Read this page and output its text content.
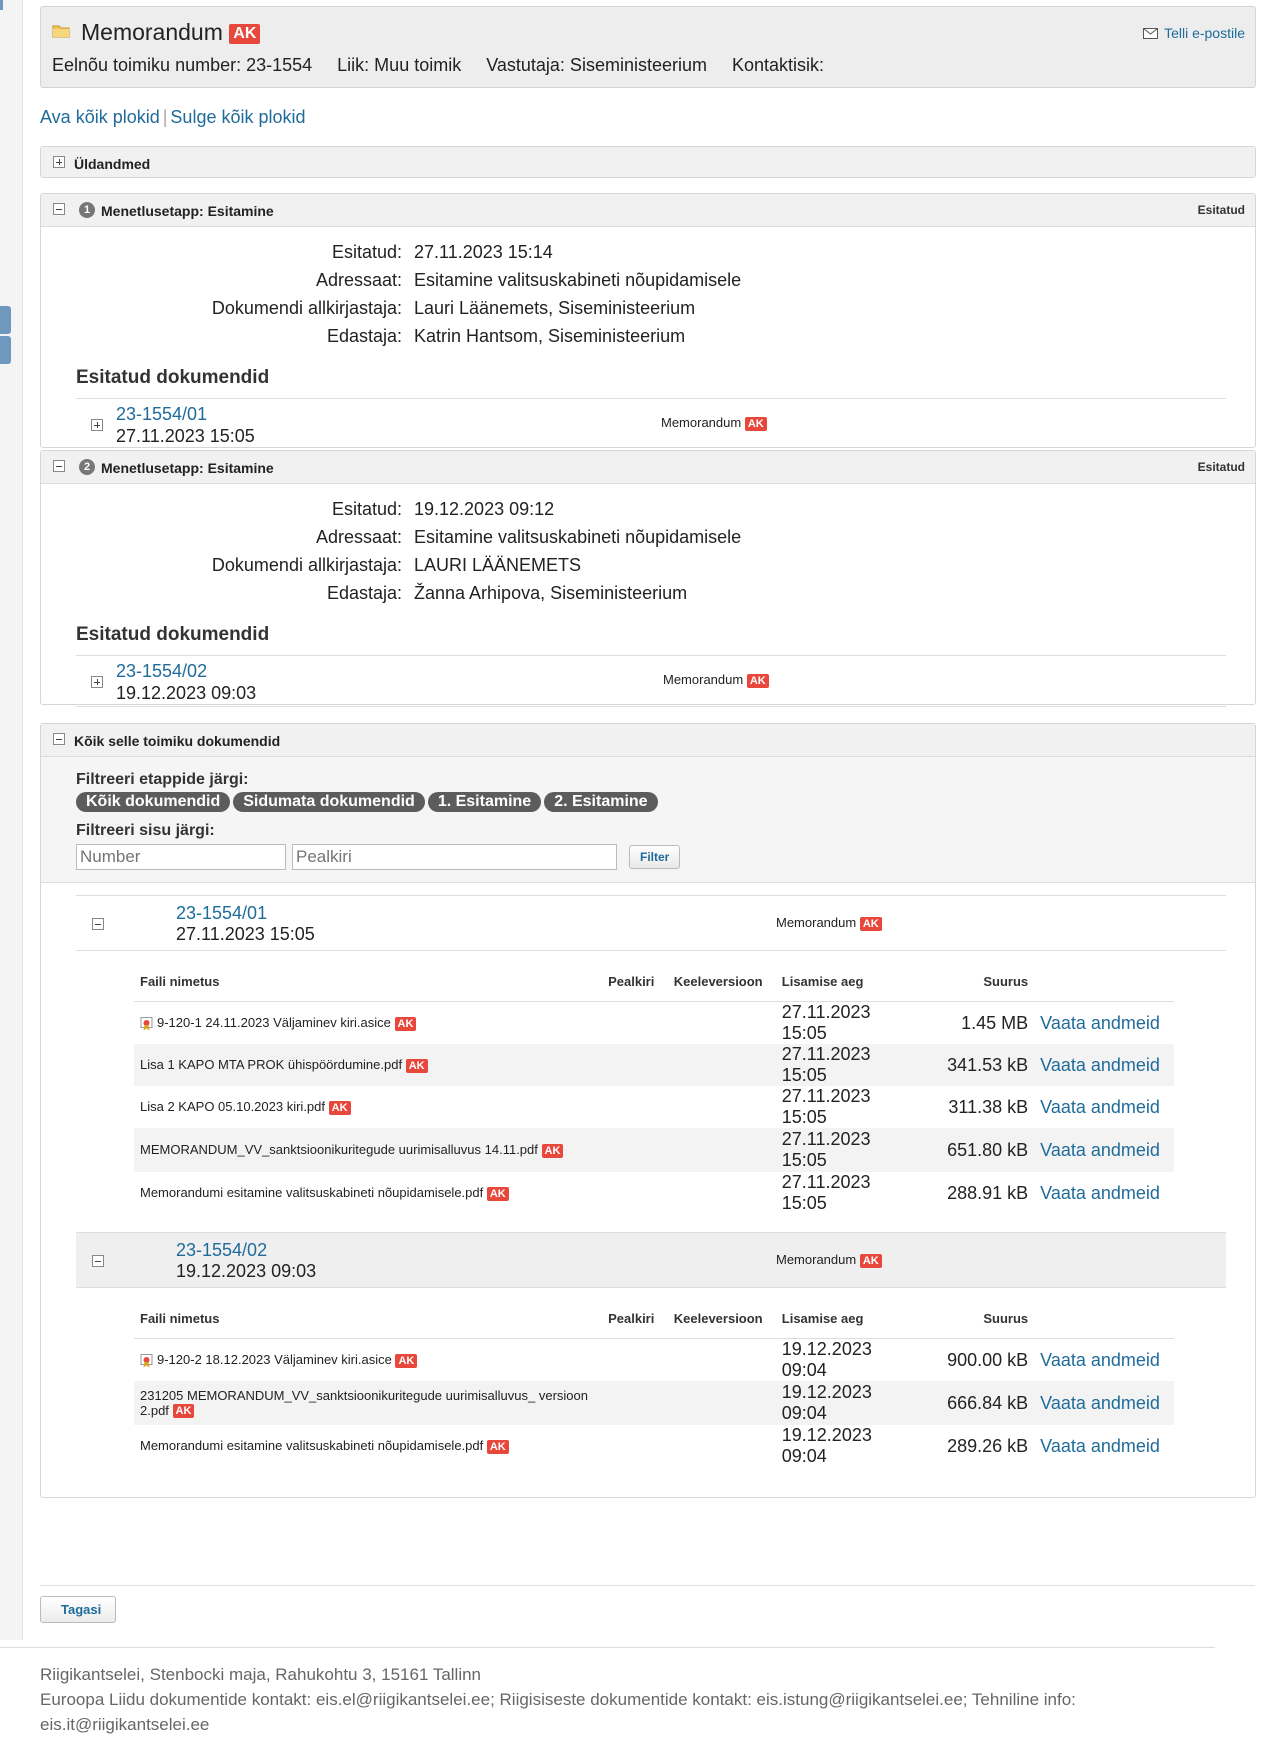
Memorandum AK
Eelnõu toimiku number: 23-1554 Liik: Muu toimik Vastutaja: Siseministeerium Kontaktisik:
Telli e-postile
Ava kõik plokid | Sulge kõik plokid
Üldandmed
1 Menetlusetapp: Esitamine	Esitatud
Esitatud: 27.11.2023 15:14
Adressaat: Esitamine valitsuskabineti nõupidamisele
Dokumendi allkirjastaja: Lauri Läänemets, Siseministeerium
Edastaja: Katrin Hantsom, Siseministeerium
Esitatud dokumendid
23-1554/01
27.11.2023 15:05
Memorandum AK
2 Menetlusetapp: Esitamine	Esitatud
Esitatud: 19.12.2023 09:12
Adressaat: Esitamine valitsuskabineti nõupidamisele
Dokumendi allkirjastaja: LAURI LÄÄNEMETS
Edastaja: Žanna Arhipova, Siseministeerium
Esitatud dokumendid
23-1554/02
19.12.2023 09:03
Memorandum AK
Kõik selle toimiku dokumendid
Filtreeri etappide järgi:
Kõik dokumendid	Sidumata dokumendid	1. Esitamine	2. Esitamine
Filtreeri sisu järgi:
Number
Pealkiri
Filter
23-1554/01
27.11.2023 15:05
Memorandum AK
Faili nimetus	Pealkiri	Keeleversioon	Lisamise aeg	Suurus	
9-120-1 24.11.2023 Väljaminev kiri.asice AK			27.11.2023 15:05	1.45 MB	Vaata andmeid
Lisa 1 KAPO MTA PROK ühispöördumine.pdf AK			27.11.2023 15:05	341.53 kB	Vaata andmeid
Lisa 2 KAPO 05.10.2023 kiri.pdf AK			27.11.2023 15:05	311.38 kB	Vaata andmeid
MEMORANDUM_VV_sanktsioonikuritegude uurimisalluvus 14.11.pdf AK			27.11.2023 15:05	651.80 kB	Vaata andmeid
Memorandumi esitamine valitsuskabineti nõupidamisele.pdf AK			27.11.2023 15:05	288.91 kB	Vaata andmeid
23-1554/02
19.12.2023 09:03
Memorandum AK
Faili nimetus	Pealkiri	Keeleversioon	Lisamise aeg	Suurus	
9-120-2 18.12.2023 Väljaminev kiri.asice AK			19.12.2023 09:04	900.00 kB	Vaata andmeid
231205 MEMORANDUM_VV_sanktsioonikuritegude uurimisalluvus_ versioon 2.pdf AK			19.12.2023 09:04	666.84 kB	Vaata andmeid
Memorandumi esitamine valitsuskabineti nõupidamisele.pdf AK			19.12.2023 09:04	289.26 kB	Vaata andmeid
Tagasi
Riigikantselei, Stenbocki maja, Rahukohtu 3, 15161 Tallinn
Euroopa Liidu dokumentide kontakt: eis.el@riigikantselei.ee; Riigisiseste dokumentide kontakt: eis.istung@riigikantselei.ee; Tehniline info: eis.it@riigikantselei.ee
